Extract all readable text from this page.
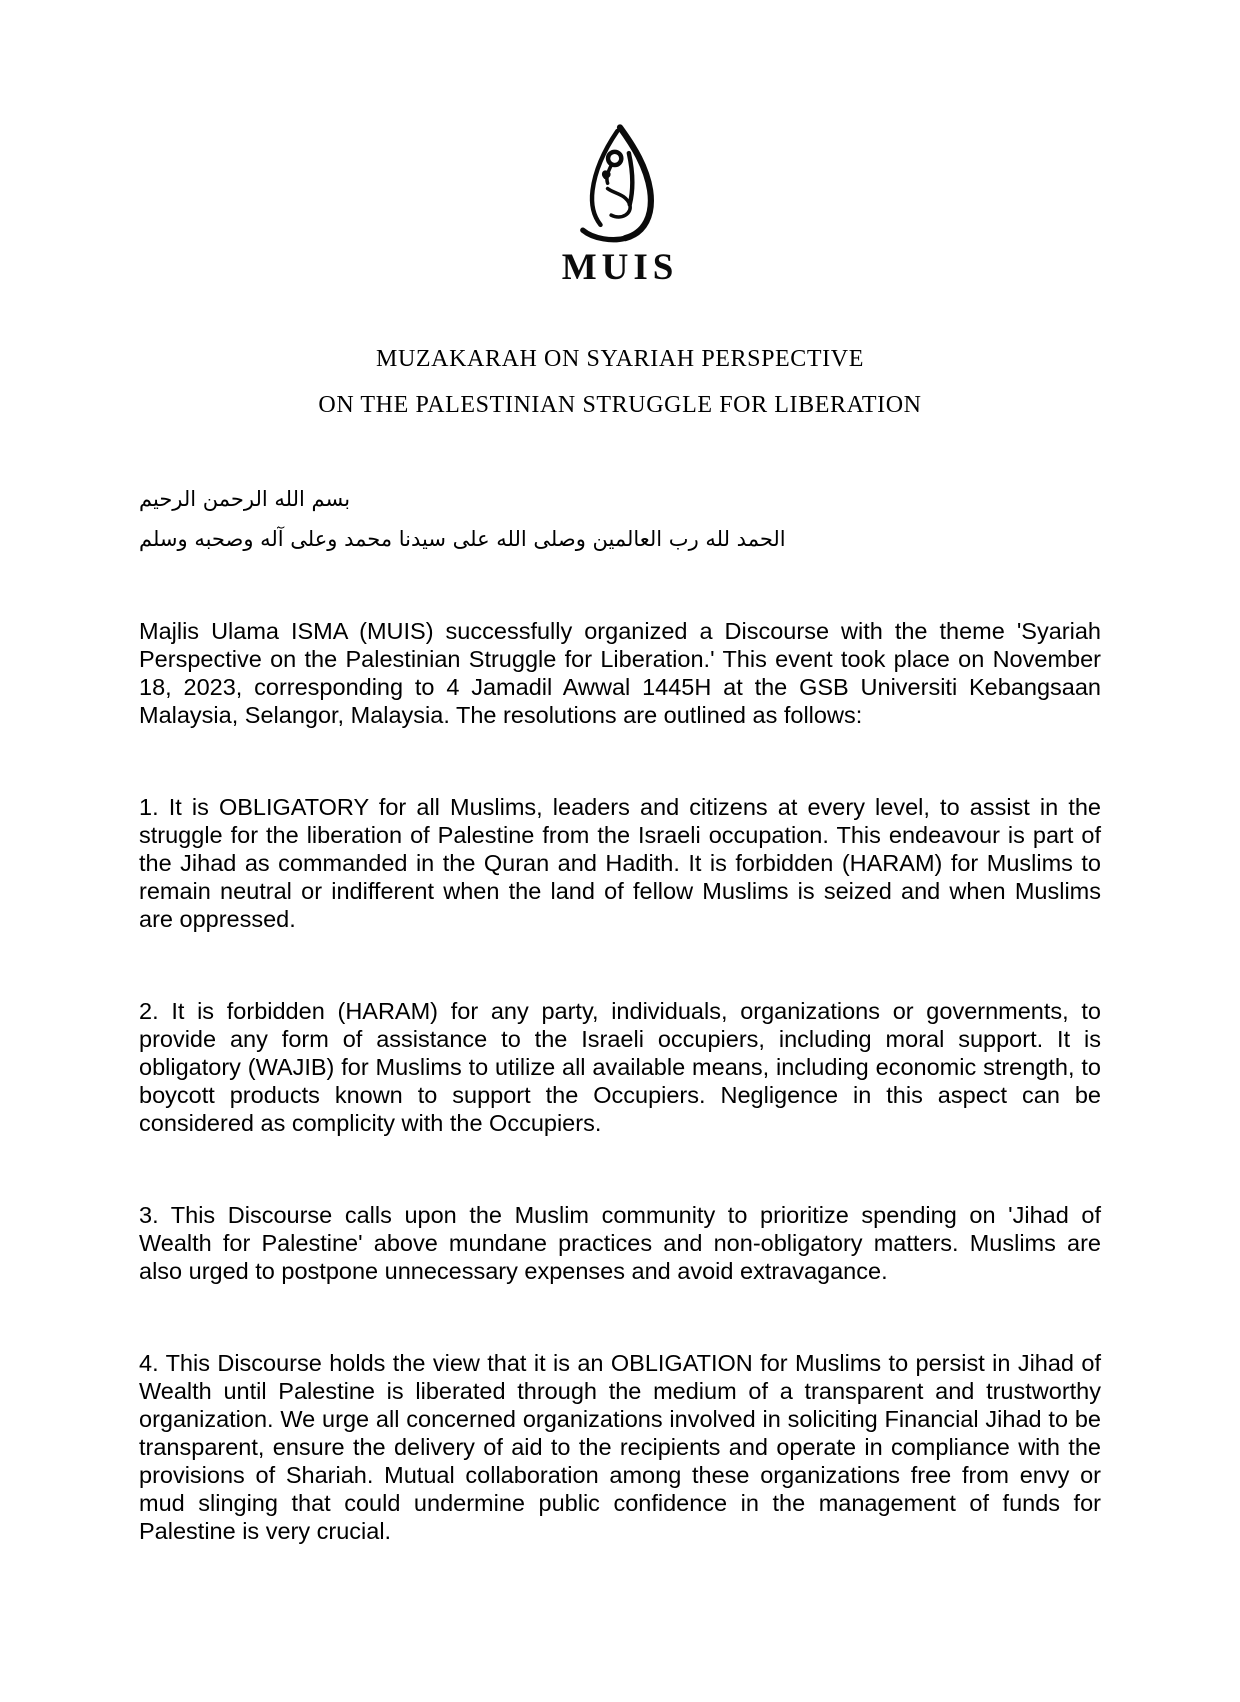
MUIS
MUZAKARAH ON SYARIAH PERSPECTIVE
ON THE PALESTINIAN STRUGGLE FOR LIBERATION
بسم الله الرحمن الرحيم
الحمد لله رب العالمين وصلى الله على سيدنا محمد وعلى آله وصحبه وسلم
Majlis Ulama ISMA (MUIS) successfully organized a Discourse with the theme 'Syariah Perspective on the Palestinian Struggle for Liberation.' This event took place on November 18, 2023, corresponding to 4 Jamadil Awwal 1445H at the GSB Universiti Kebangsaan Malaysia, Selangor, Malaysia. The resolutions are outlined as follows:
1. It is OBLIGATORY for all Muslims, leaders and citizens at every level, to assist in the struggle for the liberation of Palestine from the Israeli occupation. This endeavour is part of the Jihad as commanded in the Quran and Hadith. It is forbidden (HARAM) for Muslims to remain neutral or indifferent when the land of fellow Muslims is seized and when Muslims are oppressed.
2. It is forbidden (HARAM) for any party, individuals, organizations or governments, to provide any form of assistance to the Israeli occupiers, including moral support. It is obligatory (WAJIB) for Muslims to utilize all available means, including economic strength, to boycott products known to support the Occupiers. Negligence in this aspect can be considered as complicity with the Occupiers.
3. This Discourse calls upon the Muslim community to prioritize spending on 'Jihad of Wealth for Palestine' above mundane practices and non-obligatory matters. Muslims are also urged to postpone unnecessary expenses and avoid extravagance.
4. This Discourse holds the view that it is an OBLIGATION for Muslims to persist in Jihad of Wealth until Palestine is liberated through the medium of a transparent and trustworthy organization. We urge all concerned organizations involved in soliciting Financial Jihad to be transparent, ensure the delivery of aid to the recipients and operate in compliance with the provisions of Shariah. Mutual collaboration among these organizations free from envy or mud slinging that could undermine public confidence in the management of funds for Palestine is very crucial.
